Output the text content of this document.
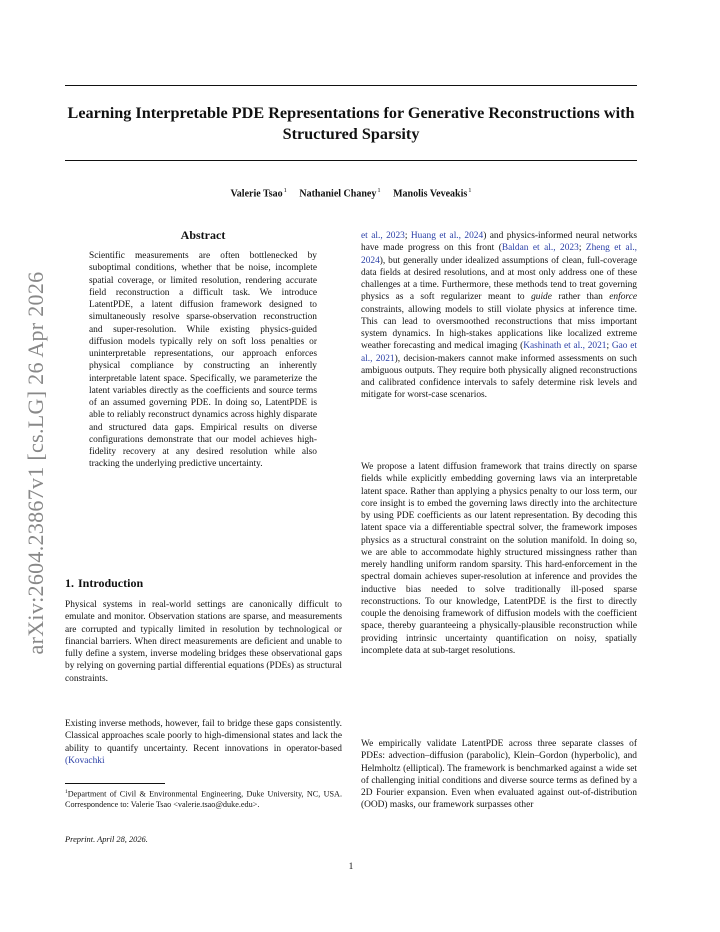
arXiv:2604.23867v1 [cs.LG] 26 Apr 2026
Learning Interpretable PDE Representations for Generative Reconstructions with Structured Sparsity
Valerie Tsao$^1$ Nathaniel Chaney$^1$ Manolis Veveakis$^1$
Abstract
Scientific measurements are often bottlenecked by suboptimal conditions, whether that be noise, incomplete spatial coverage, or limited resolution, rendering accurate field reconstruction a difficult task. We introduce LatentPDE, a latent diffusion framework designed to simultaneously resolve sparse-observation reconstruction and super-resolution. While existing physics-guided diffusion models typically rely on soft loss penalties or uninterpretable representations, our approach enforces physical compliance by constructing an inherently interpretable latent space. Specifically, we parameterize the latent variables directly as the coefficients and source terms of an assumed governing PDE. In doing so, LatentPDE is able to reliably reconstruct dynamics across highly disparate and structured data gaps. Empirical results on diverse configurations demonstrate that our model achieves high-fidelity recovery at any desired resolution while also tracking the underlying predictive uncertainty.
1. Introduction
Physical systems in real-world settings are canonically difficult to emulate and monitor. Observation stations are sparse, and measurements are corrupted and typically limited in resolution by technological or financial barriers. When direct measurements are deficient and unable to fully define a system, inverse modeling bridges these observational gaps by relying on governing partial differential equations (PDEs) as structural constraints.
Existing inverse methods, however, fail to bridge these gaps consistently. Classical approaches scale poorly to high-dimensional states and lack the ability to quantify uncertainty. Recent innovations in operator-based (Kovachki
$^1$Department of Civil & Environmental Engineering, Duke University, NC, USA. Correspondence to: Valerie Tsao <valerie.tsao@duke.edu>.
Preprint. April 28, 2026.
et al., 2023; Huang et al., 2024) and physics-informed neural networks have made progress on this front (Baldan et al., 2023; Zheng et al., 2024), but generally under idealized assumptions of clean, full-coverage data fields at desired resolutions, and at most only address one of these challenges at a time. Furthermore, these methods tend to treat governing physics as a soft regularizer meant to guide rather than enforce constraints, allowing models to still violate physics at inference time. This can lead to oversmoothed reconstructions that miss important system dynamics. In high-stakes applications like localized extreme weather forecasting and medical imaging (Kashinath et al., 2021; Gao et al., 2021), decision-makers cannot make informed assessments on such ambiguous outputs. They require both physically aligned reconstructions and calibrated confidence intervals to safely determine risk levels and mitigate for worst-case scenarios.
We propose a latent diffusion framework that trains directly on sparse fields while explicitly embedding governing laws via an interpretable latent space. Rather than applying a physics penalty to our loss term, our core insight is to embed the governing laws directly into the architecture by using PDE coefficients as our latent representation. By decoding this latent space via a differentiable spectral solver, the framework imposes physics as a structural constraint on the solution manifold. In doing so, we are able to accommodate highly structured missingness rather than merely handling uniform random sparsity. This hard-enforcement in the spectral domain achieves super-resolution at inference and provides the inductive bias needed to solve traditionally ill-posed sparse reconstructions. To our knowledge, LatentPDE is the first to directly couple the denoising framework of diffusion models with the coefficient space, thereby guaranteeing a physically-plausible reconstruction while providing intrinsic uncertainty quantification on noisy, spatially incomplete data at sub-target resolutions.
We empirically validate LatentPDE across three separate classes of PDEs: advection–diffusion (parabolic), Klein–Gordon (hyperbolic), and Helmholtz (elliptical). The framework is benchmarked against a wide set of challenging initial conditions and diverse source terms as defined by a 2D Fourier expansion. Even when evaluated against out-of-distribution (OOD) masks, our framework surpasses other
1
